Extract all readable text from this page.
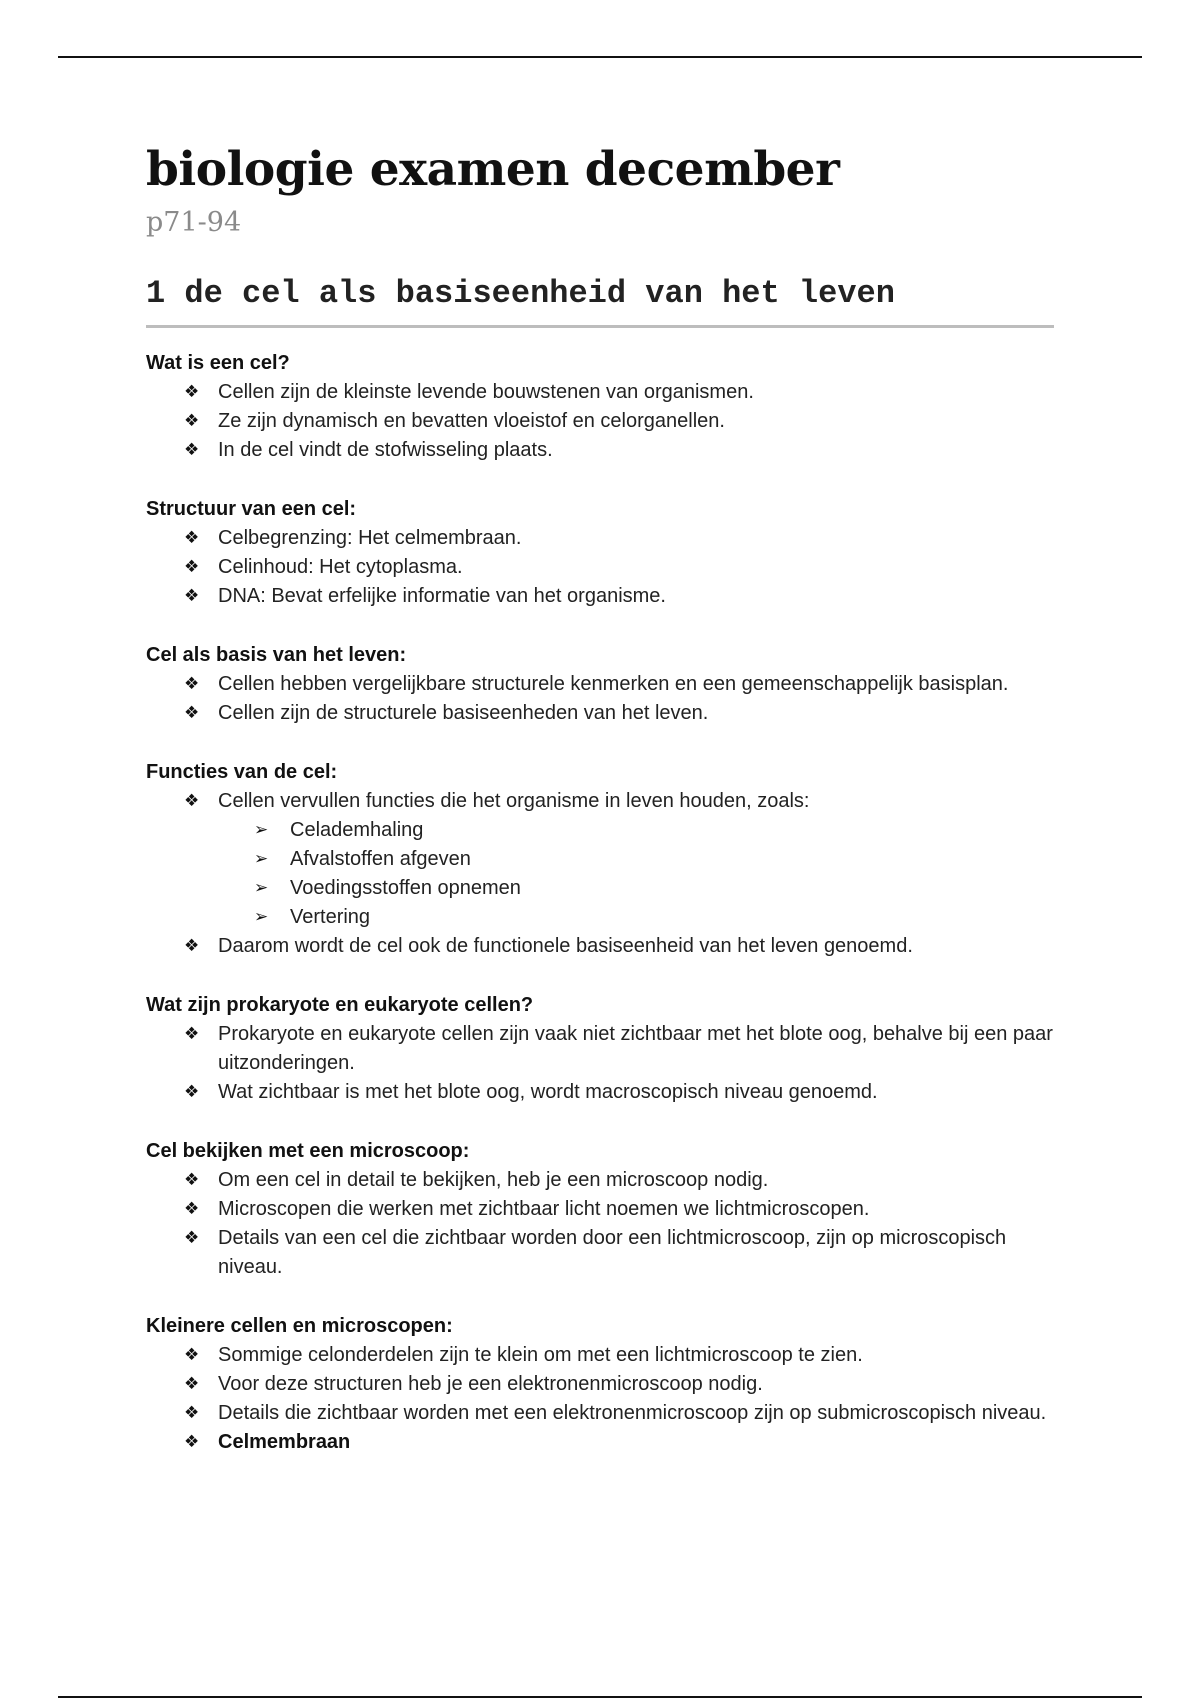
biologie examen december
p71-94
1 de cel als basiseenheid van het leven
Wat is een cel?
❖ Cellen zijn de kleinste levende bouwstenen van organismen.
❖ Ze zijn dynamisch en bevatten vloeistof en celorganellen.
❖ In de cel vindt de stofwisseling plaats.
Structuur van een cel:
❖ Celbegrenzing: Het celmembraan.
❖ Celinhoud: Het cytoplasma.
❖ DNA: Bevat erfelijke informatie van het organisme.
Cel als basis van het leven:
❖ Cellen hebben vergelijkbare structurele kenmerken en een gemeenschappelijk basisplan.
❖ Cellen zijn de structurele basiseenheden van het leven.
Functies van de cel:
❖ Cellen vervullen functies die het organisme in leven houden, zoals:
➢ Celademhaling
➢ Afvalstoffen afgeven
➢ Voedingsstoffen opnemen
➢ Vertering
❖ Daarom wordt de cel ook de functionele basiseenheid van het leven genoemd.
Wat zijn prokaryote en eukaryote cellen?
❖ Prokaryote en eukaryote cellen zijn vaak niet zichtbaar met het blote oog, behalve bij een paar uitzonderingen.
❖ Wat zichtbaar is met het blote oog, wordt macroscopisch niveau genoemd.
Cel bekijken met een microscoop:
❖ Om een cel in detail te bekijken, heb je een microscoop nodig.
❖ Microscopen die werken met zichtbaar licht noemen we lichtmicroscopen.
❖ Details van een cel die zichtbaar worden door een lichtmicroscoop, zijn op microscopisch niveau.
Kleinere cellen en microscopen:
❖ Sommige celonderdelen zijn te klein om met een lichtmicroscoop te zien.
❖ Voor deze structuren heb je een elektronenmicroscoop nodig.
❖ Details die zichtbaar worden met een elektronenmicroscoop zijn op submicroscopisch niveau.
❖ Celmembraan
